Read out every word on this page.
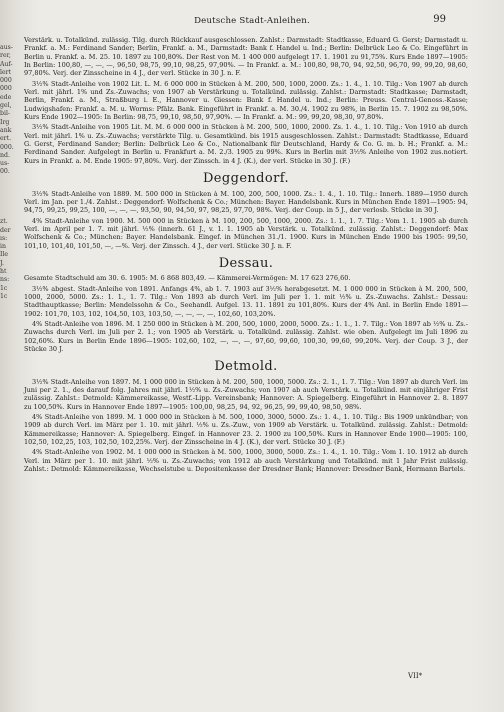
aus-
rer,
Auf-
lert
000
000
ede
gel,
bil-
Irg
ank
ert.
000.
nd.
us-
00.

zt.
der
ıs:
in
Ile
J.
ht
ns:
1c
1c
Deutsche Stadt-Anleihen.	99

Verstärk. u. Totalkünd. zulässig. Tilg. durch Rückkauf ausgeschlossen. Zahlst.: Darmstadt: Stadtkasse, Eduard G. Gerst; Darmstadt u. Frankf. a. M.: Ferdinand Sander; Berlin, Frankf. a. M., Darmstadt: Bank f. Handel u. Ind.; Berlin: Delbrück Leo & Co. Eingeführt in Berlin u. Frankf. a. M. 25. 10. 1897 zu 100,80%. Der Rest von M. 1 400 000 aufgelegt 17. 1. 1901 zu 91,75%. Kurs Ende 1897—1905: In Berlin: 100,80, —, —, —, 96,50, 98,75, 99,10, 98,25, 97,90%. — In Frankf. a. M.: 100,80, 98,70, 94, 92,50, 96,70, 99, 99,20, 98,60, 97,80%. Verj. der Zinsscheine in 4 J., der verl. Stücke in 30 J. n. F.

3½% Stadt-Anleihe von 1902 Lit. L. M. 6 000 000 in Stücken à M. 200, 500, 1000, 2000. Zs.: 1. 4., 1. 10. Tilg.: Von 1907 ab durch Verl. mit jährl. 1% und Zs.-Zuwachs; von 1907 ab Verstärkung u. Totalkünd. zulässig. Zahlst.: Darmstadt: Stadtkasse; Darmstadt, Berlin, Frankf. a. M., Straßburg i. E., Hannover u. Giessen: Bank f. Handel u. Ind.; Berlin: Preuss. Central-Genoss.-Kasse; Ludwigshafen: Frankf. a. M. u. Worms: Pfälz. Bank. Eingeführt in Frankf. a. M. 30./4. 1902 zu 98%, in Berlin 15. 7. 1902 zu 98,50%. Kurs Ende 1902—1905: In Berlin: 98,75, 99,10, 98,50, 97,90%. — In Frankf. a. M.: 99, 99,20, 98,30, 97,80%.

3½% Stadt-Anleihe von 1905 Lit. M. M. 6 000 000 in Stücken à M. 200, 500, 1000, 2000. Zs. 1. 4., 1. 10. Tilg.: Von 1910 ab durch Verl. mit jährl. 1% u. Zs.-Zuwachs; verstärkte Tilg. u. Gesamtkünd. bis 1915 ausgeschlossen. Zahlst.: Darmstadt: Stadtkasse, Eduard G. Gerst, Ferdinand Sander; Berlin: Delbrück Leo & Co., Nationalbank für Deutschland, Hardy & Co. G. m. b. H.; Frankf. a. M.: Ferdinand Sander. Aufgelegt in Berlin u. Frankfurt a. M. 2./3. 1905 zu 99%. Kurs in Berlin mit 3½% Anleihe von 1902 zus.notiert. Kurs in Frankf. a. M. Ende 1905: 97,80%. Verj. der Zinssch. in 4 J. (K.), der verl. Stücke in 30 J. (F.)

Deggendorf.

3½% Stadt-Anleihe von 1889. M. 500 000 in Stücken à M. 100, 200, 500, 1000. Zs.: 1. 4., 1. 10. Tilg.: Innerh. 1889—1950 durch Verl. im Jan. per 1./4. Zahlst.: Deggendorf: Wolfschenk & Co.; München: Bayer. Handelsbank. Kurs in München Ende 1891—1905: 94, 94,75, 99,25, 99,25, 100, —, —, —, 93,50, 90, 94,50, 97, 98,25, 97,70, 98%. Verj. der Coup. in 5 J., der verlosb. Stücke in 30 J.

4% Stadt-Anleihe von 1900. M. 500 000 in Stücken à M. 100, 200, 500, 1000, 2000. Zs.: 1. 1., 1. 7. Tilg.: Vom 1. 1. 1905 ab durch Verl. im April per 1. 7. mit jährl. ½% (innerh. 61 J., v. 1. 1. 1905 ab Verstärk. u. Totalkünd. zulässig. Zahlst.: Deggendorf: Max Wolfschenk & Co.; München: Bayer. Handelsbank. Eingef. in München 31./1. 1900. Kurs in München Ende 1900 bis 1905: 99,50, 101,10, 101,40, 101,50, —, —%. Verj. der Zinssch. 4 J., der verl. Stücke 30 J. n. F.

Dessau.

Gesamte Stadtschuld am 30. 6. 1905: M. 6 868 803,49. — Kämmerei-Vermögen: M. 17 623 276,60.

3½% abgest. Stadt-Anleihe von 1891. Anfangs 4%, ab 1. 7. 1903 auf 3½% herabgesetzt. M. 1 000 000 in Stücken à M. 200, 500, 1000, 2000, 5000. Zs.: 1. 1., 1. 7. Tilg.: Von 1893 ab durch Verl. im Juli per 1. 1. mit ½% u. Zs.-Zuwachs. Zahlst.: Dessau: Stadthauptkasse; Berlin: Mendelssohn & Co., Seehandl. Aufgel. 13. 11. 1891 zu 101,80%. Kurs der 4% Anl. in Berlin Ende 1891—1902: 101,70, 103, 102, 104,50, 103, 103,50, —, —, —, —, 102,60, 103,20%.

4% Stadt-Anleihe von 1896. M. 1 250 000 in Stücken à M. 200, 500, 1000, 2000, 5000. Zs.: 1. 1., 1. 7. Tilg.: Von 1897 ab ½% u. Zs.-Zuwachs durch Verl. im Juli per 2. 1.; von 1905 ab Verstärk. u. Totalkünd. zulässig. Zahlst. wie oben. Aufgelegt im Juli 1896 zu 102,60%. Kurs in Berlin Ende 1896—1905: 102,60, 102, —, —, —, 97,60, 99,60, 100,30, 99,60, 99,20%. Verj. der Coup. 3 J., der Stücke 30 J.

Detmold.

3½% Stadt-Anleihe von 1897. M. 1 000 000 in Stücken à M. 200, 500, 1000, 5000. Zs.: 2. 1., 1. 7. Tilg.: Von 1897 ab durch Verl. im Juni per 2. 1., des darauf folg. Jahres mit jährl. 1½% u. Zs.-Zuwachs; von 1907 ab auch Verstärk. u. Totalkünd. mit einjähriger Frist zulässig. Zahlst.: Detmold: Kämmereikasse, Westf.-Lipp. Vereinsbank; Hannover: A. Spiegelberg. Eingeführt in Hannover 2. 8. 1897 zu 100,50%. Kurs in Hannover Ende 1897—1905: 100,00, 98,25, 94, 92, 96,25, 99, 99,40, 98,50, 98%.

4% Stadt-Anleihe von 1899. M. 1 000 000 in Stücken à M. 500, 1000, 3000, 5000. Zs.: 1. 4., 1. 10. Tilg.: Bis 1909 unkündbar; von 1909 ab durch Verl. im März per 1. 10. mit jährl. ½% u. Zs.-Zuw., von 1909 ab Verstärk. u. Totalkünd. zulässig. Zahlst.: Detmold: Kämmereikasse; Hannover: A. Spiegelberg. Eingef. in Hannover 23. 2. 1900 zu 100,50%. Kurs in Hannover Ende 1900—1905: 100, 102,50, 102,25, 103, 102,50, 102,25%. Verj. der Zinsscheine in 4 J. (K.), der verl. Stücke 30 J. (F.)

4% Stadt-Anleihe von 1902. M. 1 000 000 in Stücken à M. 500, 1000, 3000, 5000. Zs.: 1. 4., 1. 10. Tilg.: Vom 1. 10. 1912 ab durch Verl. im März per 1. 10. mit jährl. ½% u. Zs.-Zuwachs; von 1912 ab auch Verstärkung und Totalkünd. mit 1 Jahr Frist zulässig. Zahlst.: Detmold: Kämmereikasse, Wechselstube u. Depositenkasse der Dresdner Bank; Hannover: Dresdner Bank, Hermann Bartels.

VII*
